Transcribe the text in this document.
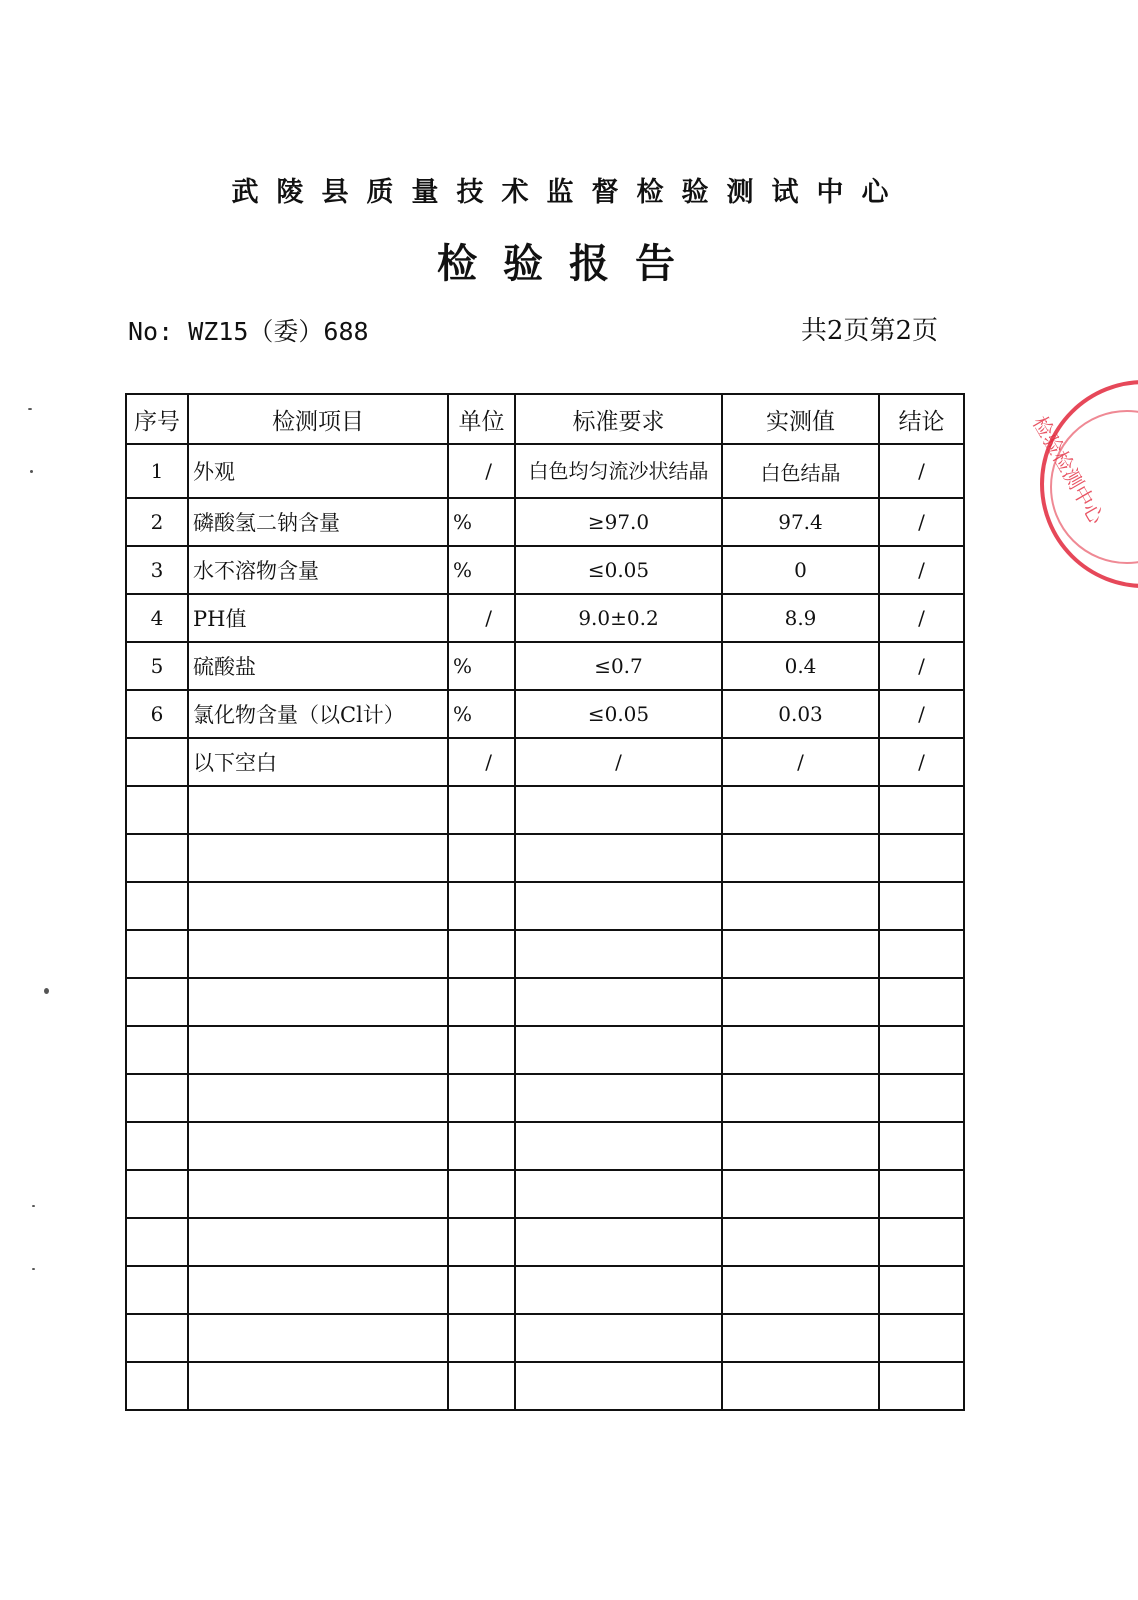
武陵县质量技术监督检验测试中心
检验报告
No: WZ15（委）688	共2页第2页
序号	检测项目	单位	标准要求	实测值	结论
1	外观	/	白色均匀流沙状结晶	白色结晶	/
2	磷酸氢二钠含量	%	≥97.0	97.4	/
3	水不溶物含量	%	≤0.05	0	/
4	PH值	/	9.0±0.2	8.9	/
5	硫酸盐	%	≤0.7	0.4	/
6	氯化物含量（以Cl计）	%	≤0.05	0.03	/
	以下空白	/	/	/	/

检验检测中心
